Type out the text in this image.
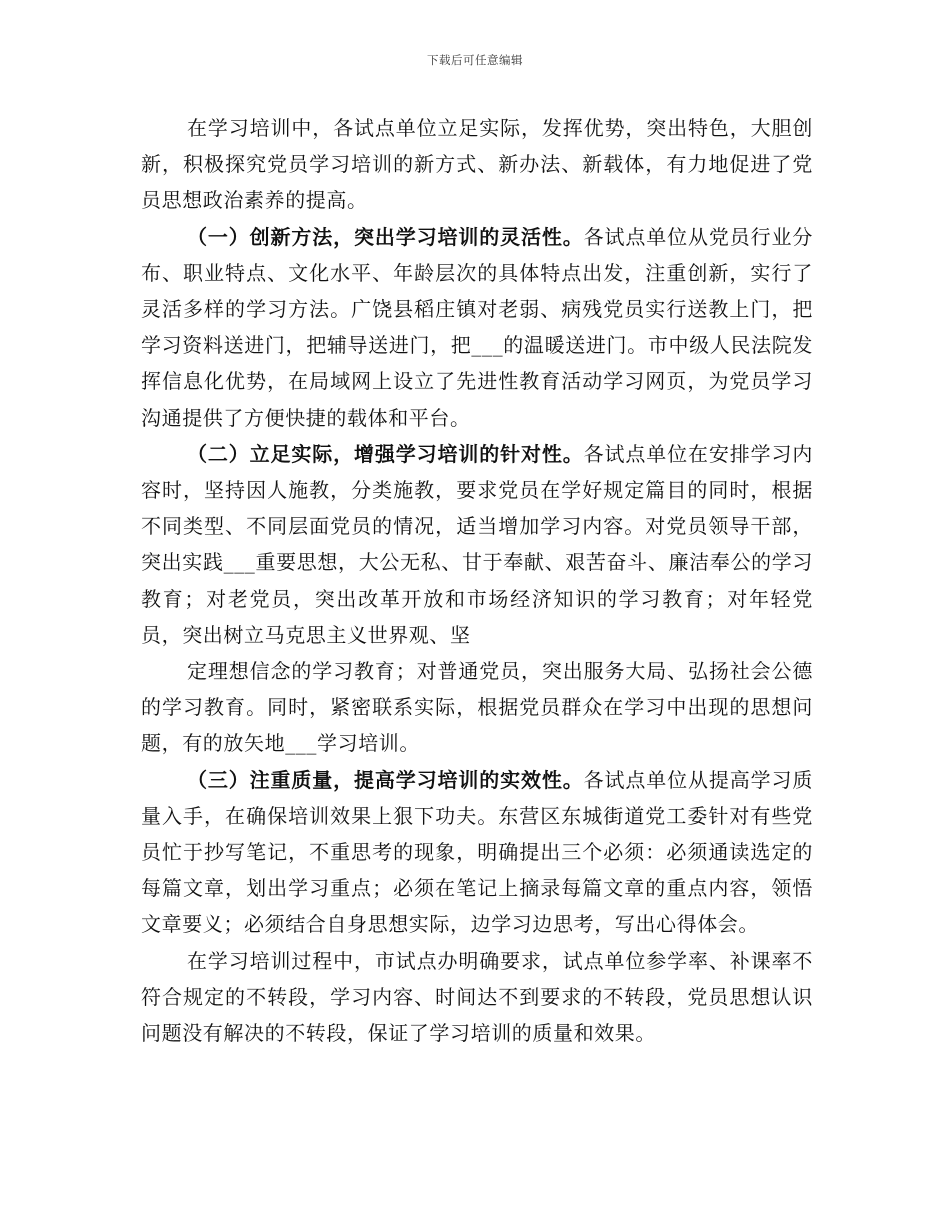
下载后可任意编辑

在学习培训中，各试点单位立足实际，发挥优势，突出特色，大胆创新，积极探究党员学习培训的新方式、新办法、新载体，有力地促进了党员思想政治素养的提高。

（一）创新方法，突出学习培训的灵活性。各试点单位从党员行业分布、职业特点、文化水平、年龄层次的具体特点出发，注重创新，实行了灵活多样的学习方法。广饶县稻庄镇对老弱、病残党员实行送教上门，把学习资料送进门，把辅导送进门，把___的温暖送进门。市中级人民法院发挥信息化优势，在局域网上设立了先进性教育活动学习网页，为党员学习沟通提供了方便快捷的载体和平台。

（二）立足实际，增强学习培训的针对性。各试点单位在安排学习内容时，坚持因人施教，分类施教，要求党员在学好规定篇目的同时，根据不同类型、不同层面党员的情况，适当增加学习内容。对党员领导干部，突出实践___重要思想，大公无私、甘于奉献、艰苦奋斗、廉洁奉公的学习教育；对老党员，突出改革开放和市场经济知识的学习教育；对年轻党员，突出树立马克思主义世界观、坚

定理想信念的学习教育；对普通党员，突出服务大局、弘扬社会公德的学习教育。同时，紧密联系实际，根据党员群众在学习中出现的思想问题，有的放矢地___学习培训。

（三）注重质量，提高学习培训的实效性。各试点单位从提高学习质量入手，在确保培训效果上狠下功夫。东营区东城街道党工委针对有些党员忙于抄写笔记，不重思考的现象，明确提出三个必须：必须通读选定的每篇文章，划出学习重点；必须在笔记上摘录每篇文章的重点内容，领悟文章要义；必须结合自身思想实际，边学习边思考，写出心得体会。

在学习培训过程中，市试点办明确要求，试点单位参学率、补课率不符合规定的不转段，学习内容、时间达不到要求的不转段，党员思想认识问题没有解决的不转段，保证了学习培训的质量和效果。
